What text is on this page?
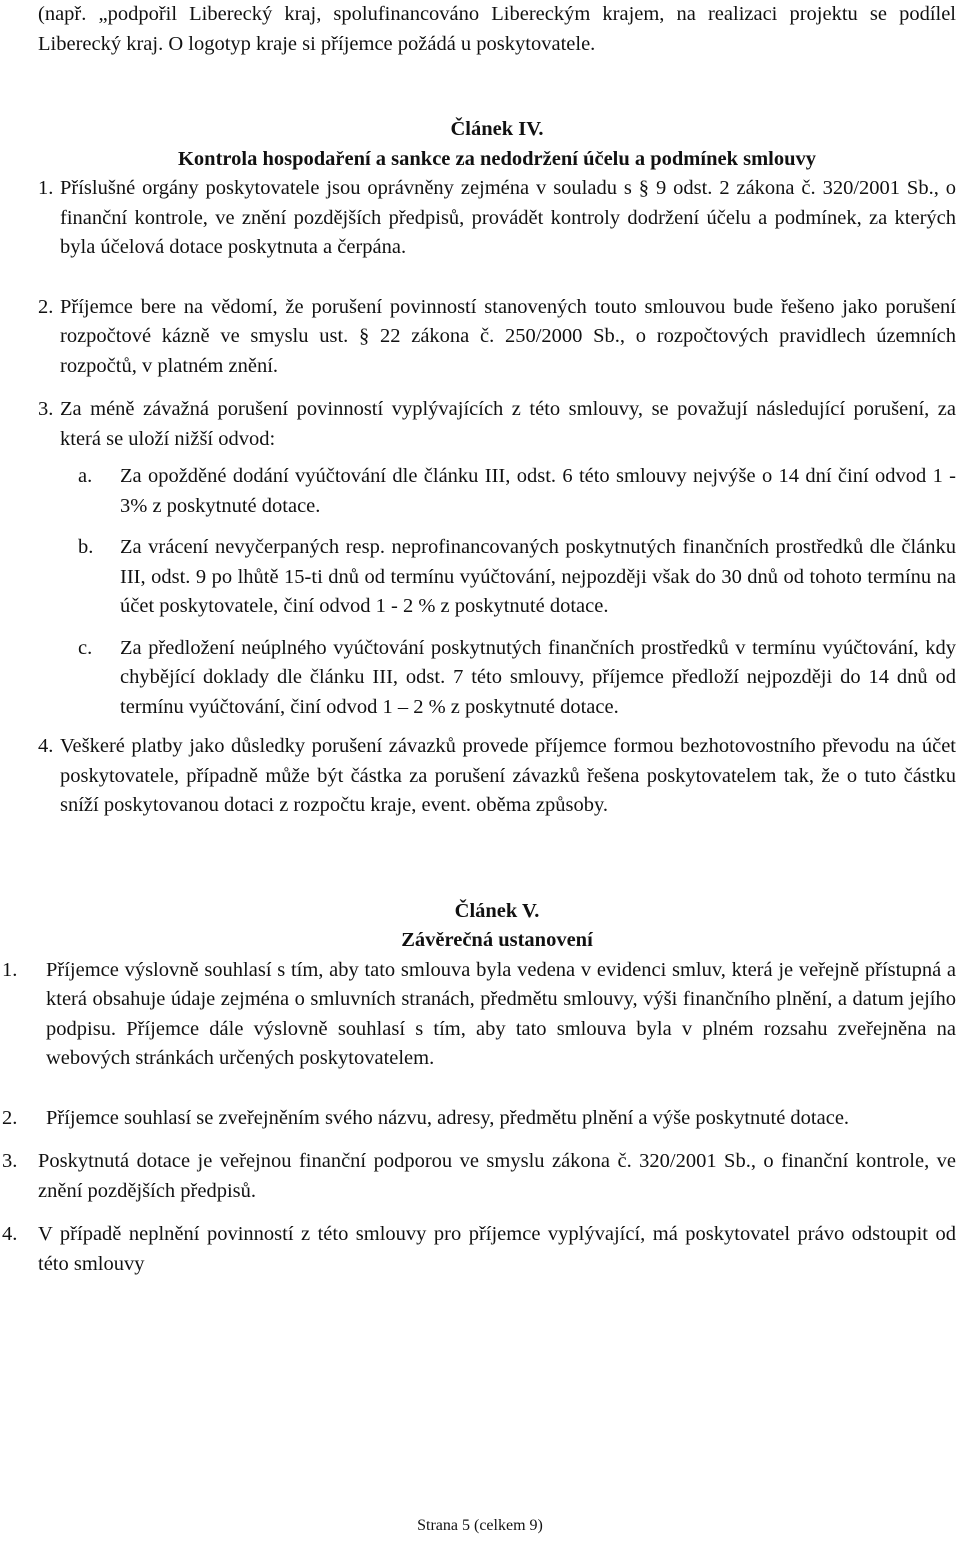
(např. „podpořil Liberecký kraj, spolufinancováno Libereckým krajem, na realizaci projektu se podílel Liberecký kraj. O logotyp kraje si příjemce požádá u poskytovatele.

Článek IV.

Kontrola hospodaření a sankce za nedodržení účelu a podmínek smlouvy

1. Příslušné orgány poskytovatele jsou oprávněny zejména v souladu s § 9 odst. 2 zákona č. 320/2001 Sb., o finanční kontrole, ve znění pozdějších předpisů, provádět kontroly dodržení účelu a podmínek, za kterých byla účelová dotace poskytnuta a čerpána.
2. Příjemce bere na vědomí, že porušení povinností stanovených touto smlouvou bude řešeno jako porušení rozpočtové kázně ve smyslu ust. § 22 zákona č. 250/2000 Sb., o rozpočtových pravidlech územních rozpočtů, v platném znění.
3. Za méně závažná porušení povinností vyplývajících z této smlouvy, se považují následující porušení, za která se uloží nižší odvod:
a.	Za opožděné dodání vyúčtování dle článku III, odst. 6 této smlouvy nejvýše o 14 dní činí odvod 1 - 3% z poskytnuté dotace.
b.	Za vrácení nevyčerpaných resp. neprofinancovaných poskytnutých finančních prostředků dle článku III, odst. 9 po lhůtě 15-ti dnů od termínu vyúčtování, nejpozději však do 30 dnů od tohoto termínu na účet poskytovatele, činí odvod 1 - 2 % z poskytnuté dotace.
c.	Za předložení neúplného vyúčtování poskytnutých finančních prostředků v termínu vyúčtování, kdy chybějící doklady dle článku III, odst. 7 této smlouvy, příjemce předloží nejpozději do 14 dnů od termínu vyúčtování, činí odvod 1 – 2 % z poskytnuté dotace.
4. Veškeré platby jako důsledky porušení závazků provede příjemce formou bezhotovostního převodu na účet poskytovatele, případně může být částka za porušení závazků řešena poskytovatelem tak, že o tuto částku sníží poskytovanou dotaci z rozpočtu kraje, event. oběma způsoby.

Článek V.

Závěrečná ustanovení

1.	Příjemce výslovně souhlasí s tím, aby tato smlouva byla vedena v evidenci smluv, která je veřejně přístupná a která obsahuje údaje zejména o smluvních stranách, předmětu smlouvy, výši finančního plnění, a datum jejího podpisu. Příjemce dále výslovně souhlasí s tím, aby tato smlouva byla v plném rozsahu zveřejněna na webových stránkách určených poskytovatelem.
2.	Příjemce souhlasí se zveřejněním svého názvu, adresy, předmětu plnění a výše poskytnuté dotace.
3.	Poskytnutá dotace je veřejnou finanční podporou ve smyslu zákona č. 320/2001 Sb., o finanční kontrole, ve znění pozdějších předpisů.
4.	V případě neplnění povinností z této smlouvy pro příjemce vyplývající, má poskytovatel právo odstoupit od této smlouvy
Strana 5 (celkem 9)
